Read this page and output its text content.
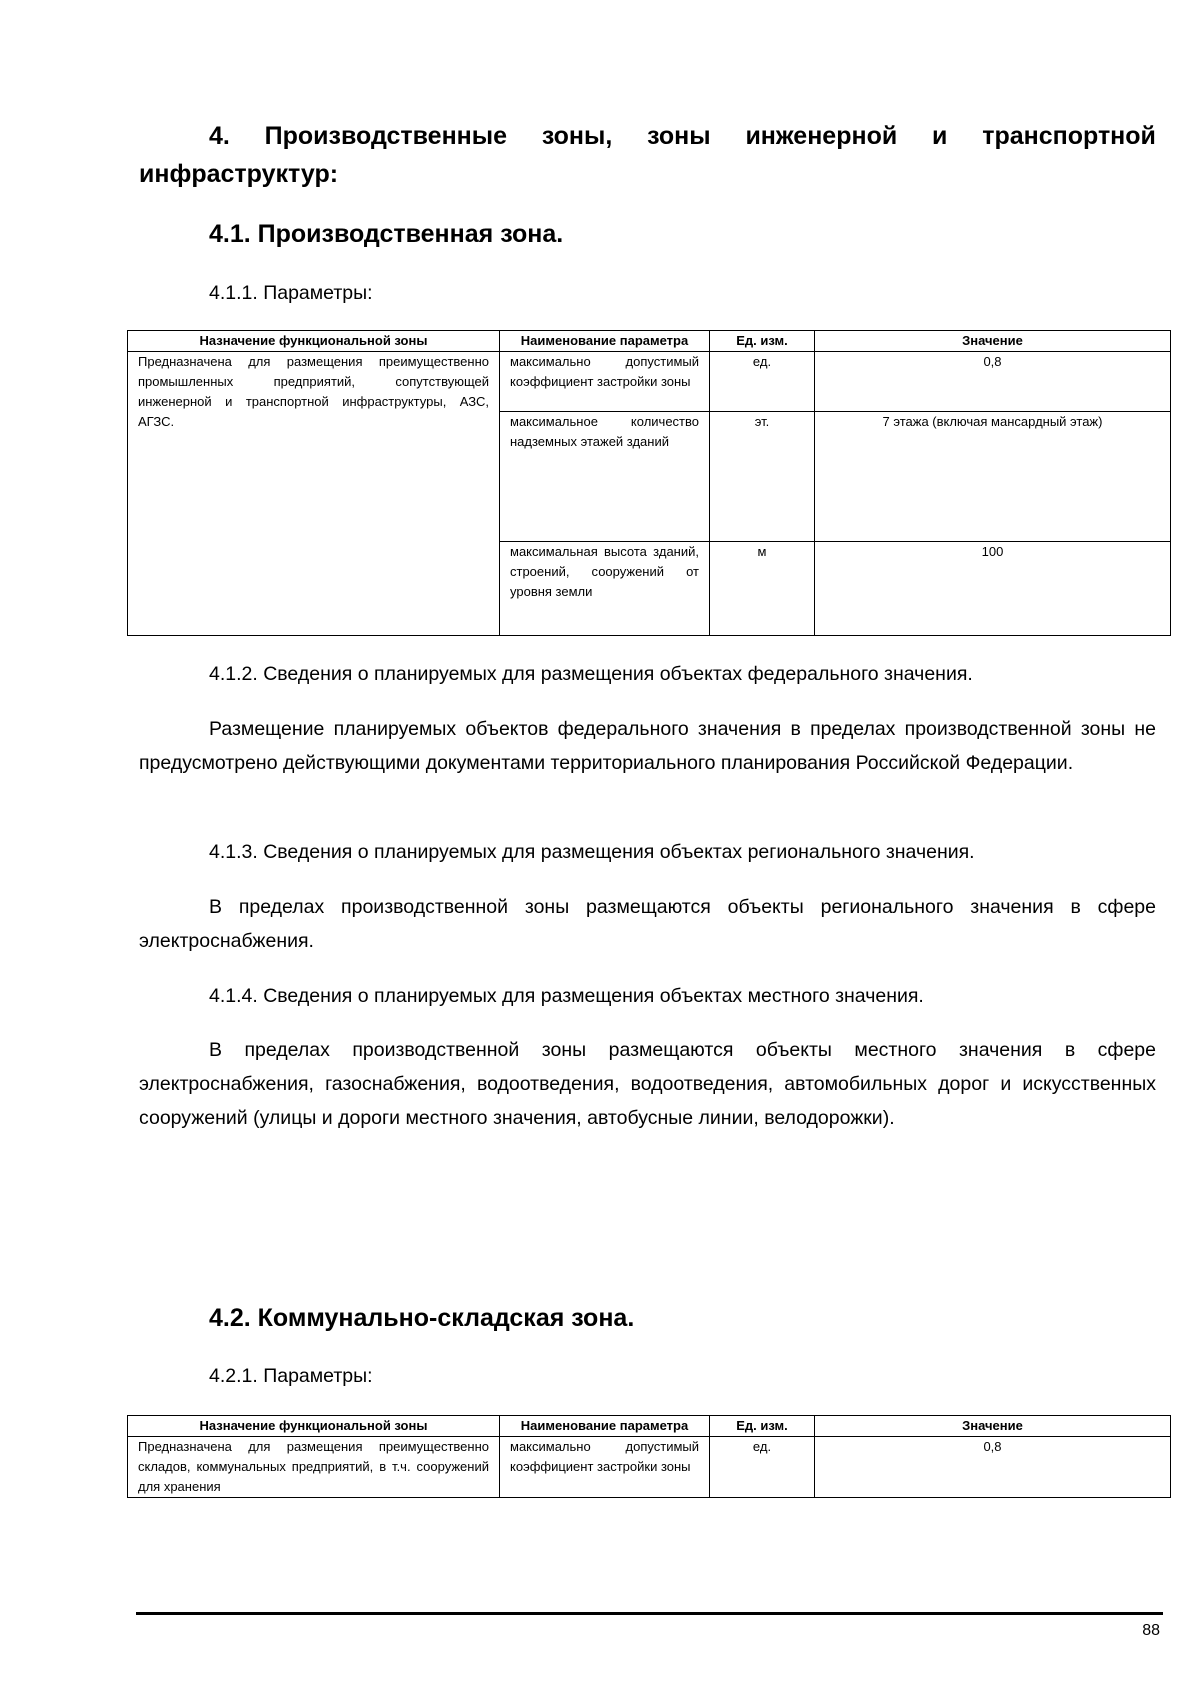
4. Производственные зоны, зоны инженерной и транспортной
инфраструктур:
4.1. Производственная зона.
4.1.1. Параметры:
Назначение функциональной зоны	Наименование параметра	Ед. изм.	Значение
Предназначена для размещения преимущественно промышленных предприятий, сопутствующей инженерной и транспортной инфраструктуры, АЗС, АГЗС.	максимально допустимый коэффициент застройки зоны	ед.	0,8
	максимальное количество надземных этажей зданий	эт.	7 этажа (включая мансардный этаж)
	максимальная высота зданий, строений, сооружений от уровня земли	м	100
4.1.2. Сведения о планируемых для размещения объектах федерального значения.
Размещение планируемых объектов федерального значения в пределах производственной зоны не предусмотрено действующими документами территориального планирования Российской Федерации.
4.1.3. Сведения о планируемых для размещения объектах регионального значения.
В пределах производственной зоны размещаются объекты регионального значения в сфере электроснабжения.
4.1.4. Сведения о планируемых для размещения объектах местного значения.
В пределах производственной зоны размещаются объекты местного значения в сфере электроснабжения, газоснабжения, водоотведения, водоотведения, автомобильных дорог и искусственных сооружений (улицы и дороги местного значения, автобусные линии, велодорожки).
4.2. Коммунально-складская зона.
4.2.1. Параметры:
Назначение функциональной зоны	Наименование параметра	Ед. изм.	Значение
Предназначена для размещения преимущественно складов, коммунальных предприятий, в т.ч. сооружений для хранения	максимально допустимый коэффициент застройки зоны	ед.	0,8
88
